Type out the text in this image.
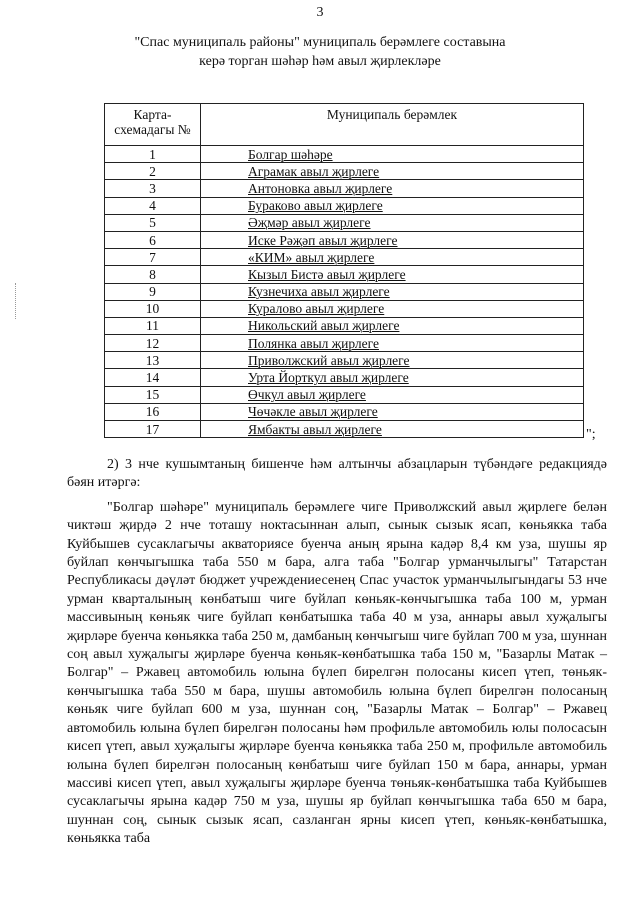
3
"Спас муниципаль районы" муниципаль берәмлеге составына
керә торган шәһәр һәм авыл җирлекләре
Карта-схемадагы №	Муниципаль берәмлек
1	Болгар шәһәре
2	Аграмак авыл җирлеге
3	Антоновка авыл җирлеге
4	Бураково авыл җирлеге
5	Әҗмәр авыл җирлеге
6	Иске Рәҗәп авыл җирлеге
7	«КИМ» авыл җирлеге
8	Кызыл Бистә авыл җирлеге
9	Кузнечиха авыл җирлеге
10	Куралово авыл җирлеге
11	Никольский авыл җирлеге
12	Полянка авыл җирлеге
13	Приволжский авыл җирлеге
14	Урта Йорткул авыл җирлеге
15	Өчкул авыл җирлеге
16	Чөчәкле авыл җирлеге
17	Ямбакты авыл җирлеге	";

2) 3 нче кушымтаның бишенче һәм алтынчы абзацларын түбәндәге редакциядә бәян итәргә:

"Болгар шәһәре" муниципаль берәмлеге чиге Приволжский авыл җирлеге белән чиктәш җирдә 2 нче тоташу ноктасыннан алып, сынык сызык ясап, көньякка таба Куйбышев сусаклагычы акваториясе буенча аның ярына кадәр 8,4 км уза, шушы яр буйлап көнчыгышка таба 550 м бара, алга таба "Болгар урманчылыгы" Татарстан Республикасы дәүләт бюджет учреждениесенең Спас участок урманчылыгындагы 53 нче урман кварталының көнбатыш чиге буйлап көньяк-көнчыгышка таба 100 м, урман массивының көньяк чиге буйлап көнбатышка таба 40 м уза, аннары авыл хуҗалыгы җирләре буенча көньякка таба 250 м, дамбаның көнчыгыш чиге буйлап 700 м уза, шуннан соң авыл хуҗалыгы җирләре буенча көньяк-көнбатышка таба 150 м, "Базарлы Матак – Болгар" – Ржавец автомобиль юлына бүлеп бирелгән полосаны кисеп үтеп, төньяк-көнчыгышка таба 550 м бара, шушы автомобиль юлына бүлеп бирелгән полосаның көньяк чиге буйлап 600 м уза, шуннан соң, "Базарлы Матак – Болгар" – Ржавец автомобиль юлына бүлеп бирелгән полосаны һәм профильле автомобиль юлы полосасын кисеп үтеп, авыл хуҗалыгы җирләре буенча көньякка таба 250 м, профильле автомобиль юлына бүлеп бирелгән полосаның көнбатыш чиге буйлап 150 м бара, аннары, урман массиві кисеп үтеп, авыл хуҗалыгы җирләре буенча төньяк-көнбатышка таба Куйбышев сусаклагычы ярына кадәр 750 м уза, шушы яр буйлап көнчыгышка таба 650 м бара, шуннан соң, сынык сызык ясап, сазланган ярны кисеп үтеп, көньяк-көнбатышка, көньякка таба
